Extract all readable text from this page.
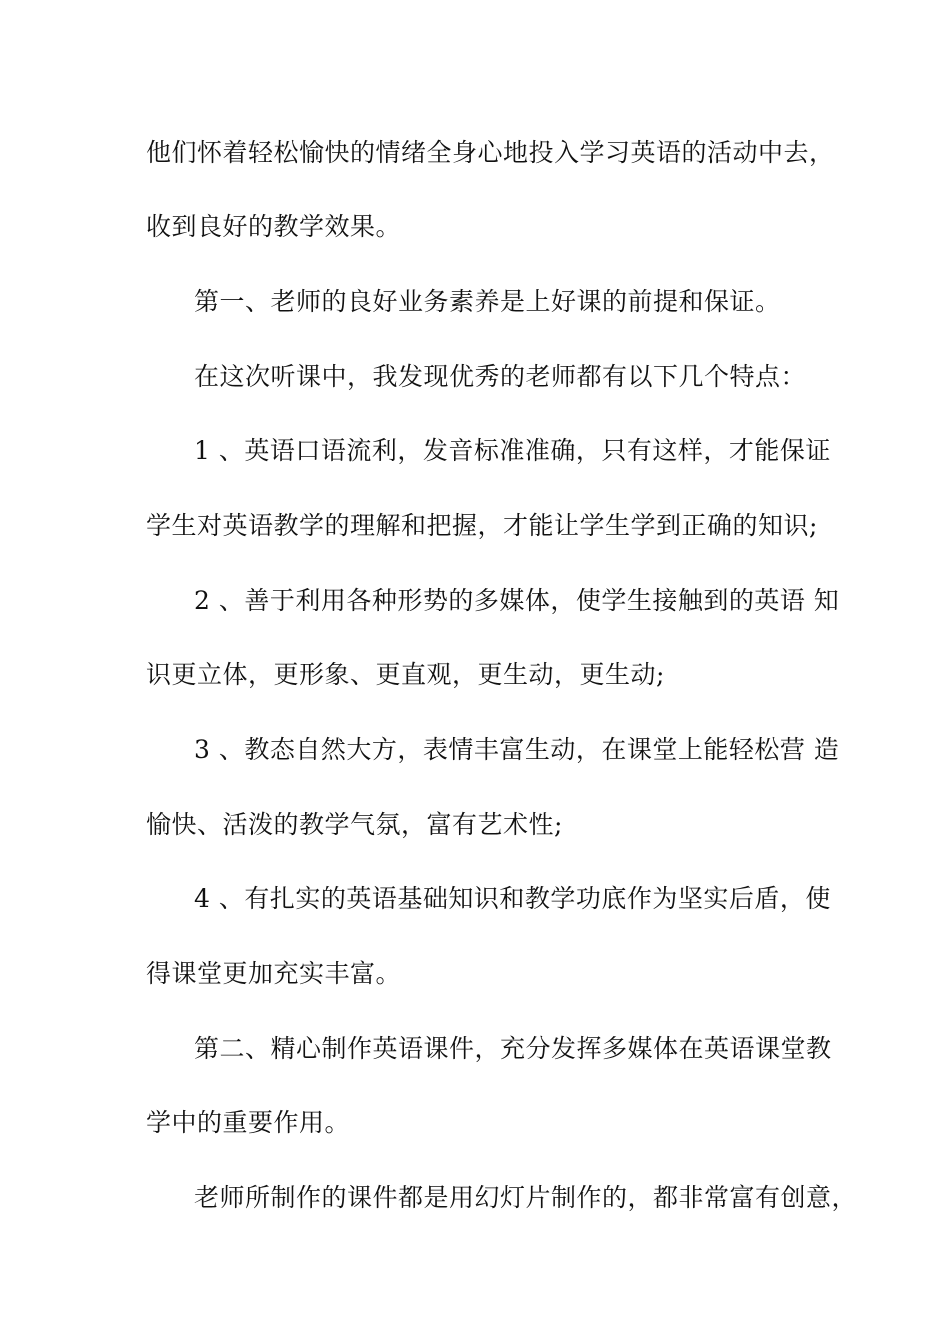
他们怀着轻松愉快的情绪全身心地投入学习英语的活动中去，
收到良好的教学效果。
第一、老师的良好业务素养是上好课的前提和保证。
在这次听课中，我发现优秀的老师都有以下几个特点：
1 、英语口语流利，发音标准准确，只有这样，才能保证
学生对英语教学的理解和把握，才能让学生学到正确的知识;
2 、善于利用各种形势的多媒体，使学生接触到的英语 知
识更立体，更形象、更直观，更生动，更生动;
3 、教态自然大方，表情丰富生动，在课堂上能轻松营 造
愉快、活泼的教学气氛，富有艺术性;
4 、有扎实的英语基础知识和教学功底作为坚实后盾，使
得课堂更加充实丰富。
第二、精心制作英语课件，充分发挥多媒体在英语课堂教
学中的重要作用。
老师所制作的课件都是用幻灯片制作的，都非常富有创意，
